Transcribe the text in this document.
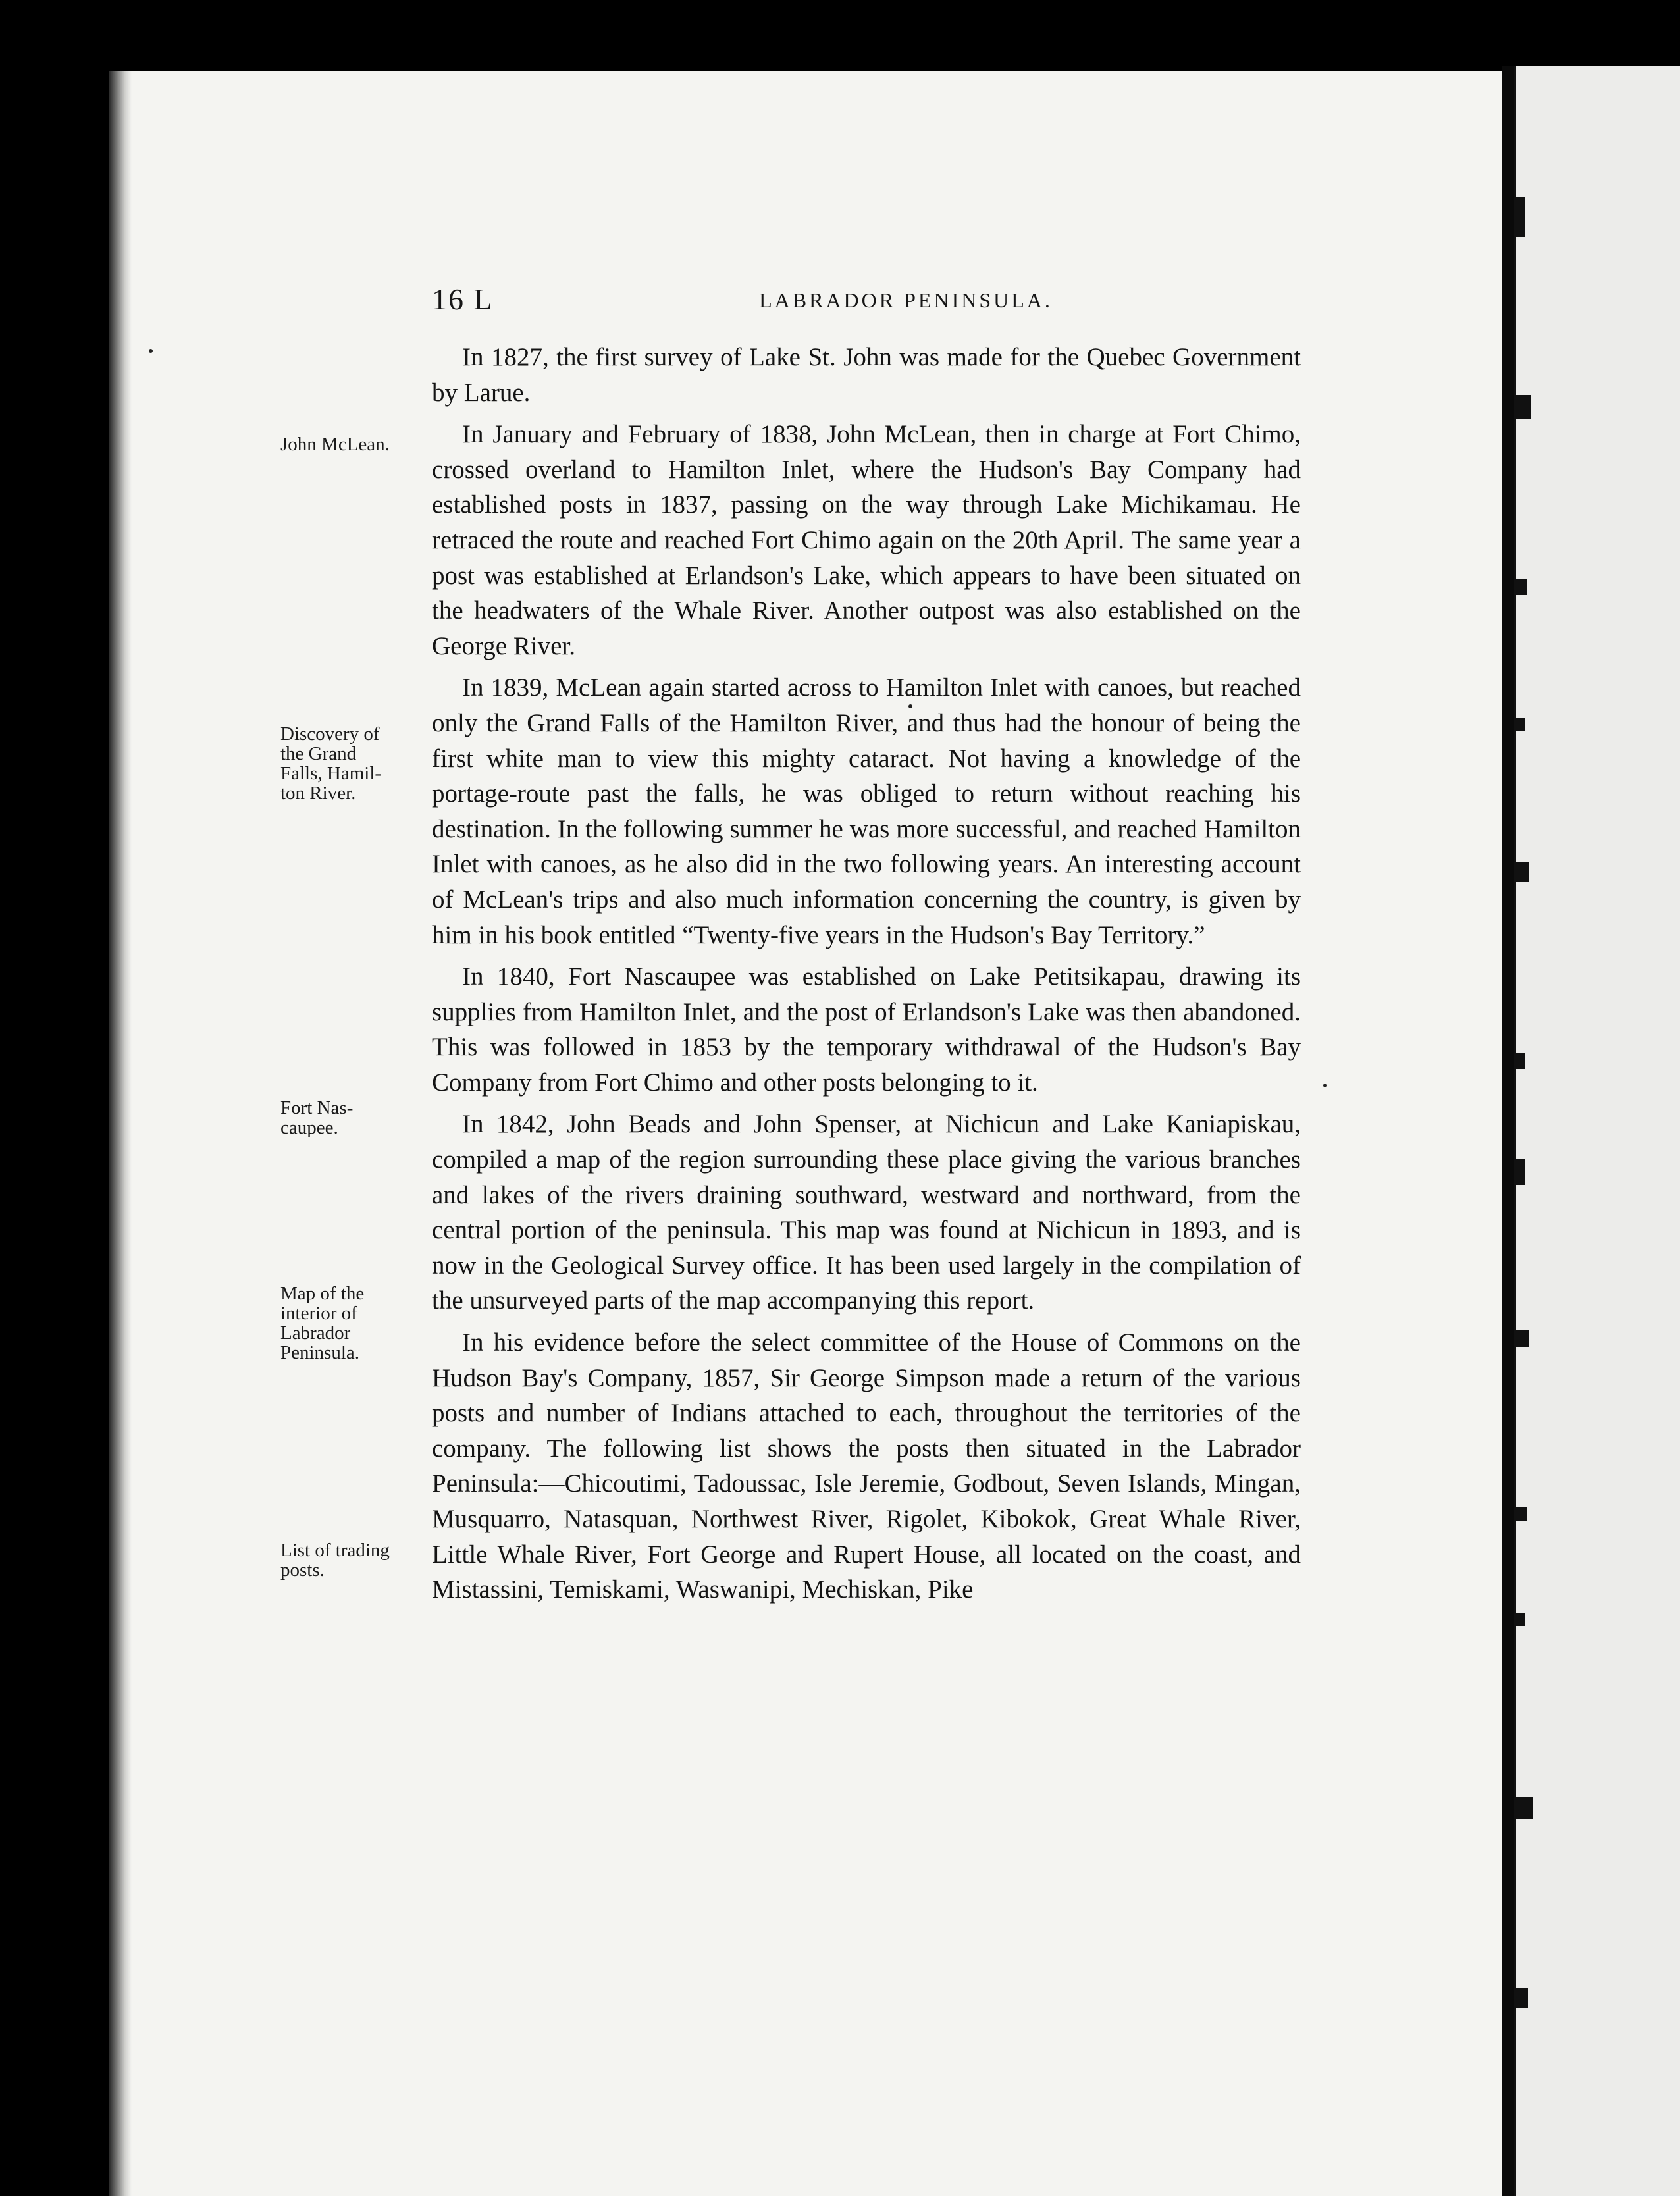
16 L	LABRADOR PENINSULA.
John McLean.
Discovery of
the Grand
Falls, Hamil-
ton River.
Fort Nas-
caupee.
Map of the
interior of
Labrador
Peninsula.
List of trading
posts.

In 1827, the first survey of Lake St. John was made for the Quebec Government by Larue.

In January and February of 1838, John McLean, then in charge at Fort Chimo, crossed overland to Hamilton Inlet, where the Hudson's Bay Company had established posts in 1837, passing on the way through Lake Michikamau. He retraced the route and reached Fort Chimo again on the 20th April. The same year a post was established at Erlandson's Lake, which appears to have been situated on the headwaters of the Whale River. Another outpost was also established on the George River.

In 1839, McLean again started across to Hamilton Inlet with canoes, but reached only the Grand Falls of the Hamilton River, and thus had the honour of being the first white man to view this mighty cataract. Not having a knowledge of the portage-route past the falls, he was obliged to return without reaching his destination. In the following summer he was more successful, and reached Hamilton Inlet with canoes, as he also did in the two following years. An interesting account of McLean's trips and also much information concerning the country, is given by him in his book entitled “Twenty-five years in the Hudson's Bay Territory.”

In 1840, Fort Nascaupee was established on Lake Petitsikapau, drawing its supplies from Hamilton Inlet, and the post of Erlandson's Lake was then abandoned. This was followed in 1853 by the temporary withdrawal of the Hudson's Bay Company from Fort Chimo and other posts belonging to it.

In 1842, John Beads and John Spenser, at Nichicun and Lake Kaniapiskau, compiled a map of the region surrounding these place giving the various branches and lakes of the rivers draining southward, westward and northward, from the central portion of the peninsula. This map was found at Nichicun in 1893, and is now in the Geological Survey office. It has been used largely in the compilation of the unsurveyed parts of the map accompanying this report.

In his evidence before the select committee of the House of Commons on the Hudson Bay's Company, 1857, Sir George Simpson made a return of the various posts and number of Indians attached to each, throughout the territories of the company. The following list shows the posts then situated in the Labrador Peninsula:—Chicoutimi, Tadoussac, Isle Jeremie, Godbout, Seven Islands, Mingan, Musquarro, Natasquan, Northwest River, Rigolet, Kibokok, Great Whale River, Little Whale River, Fort George and Rupert House, all located on the coast, and Mistassini, Temiskami, Waswanipi, Mechiskan, Pike
